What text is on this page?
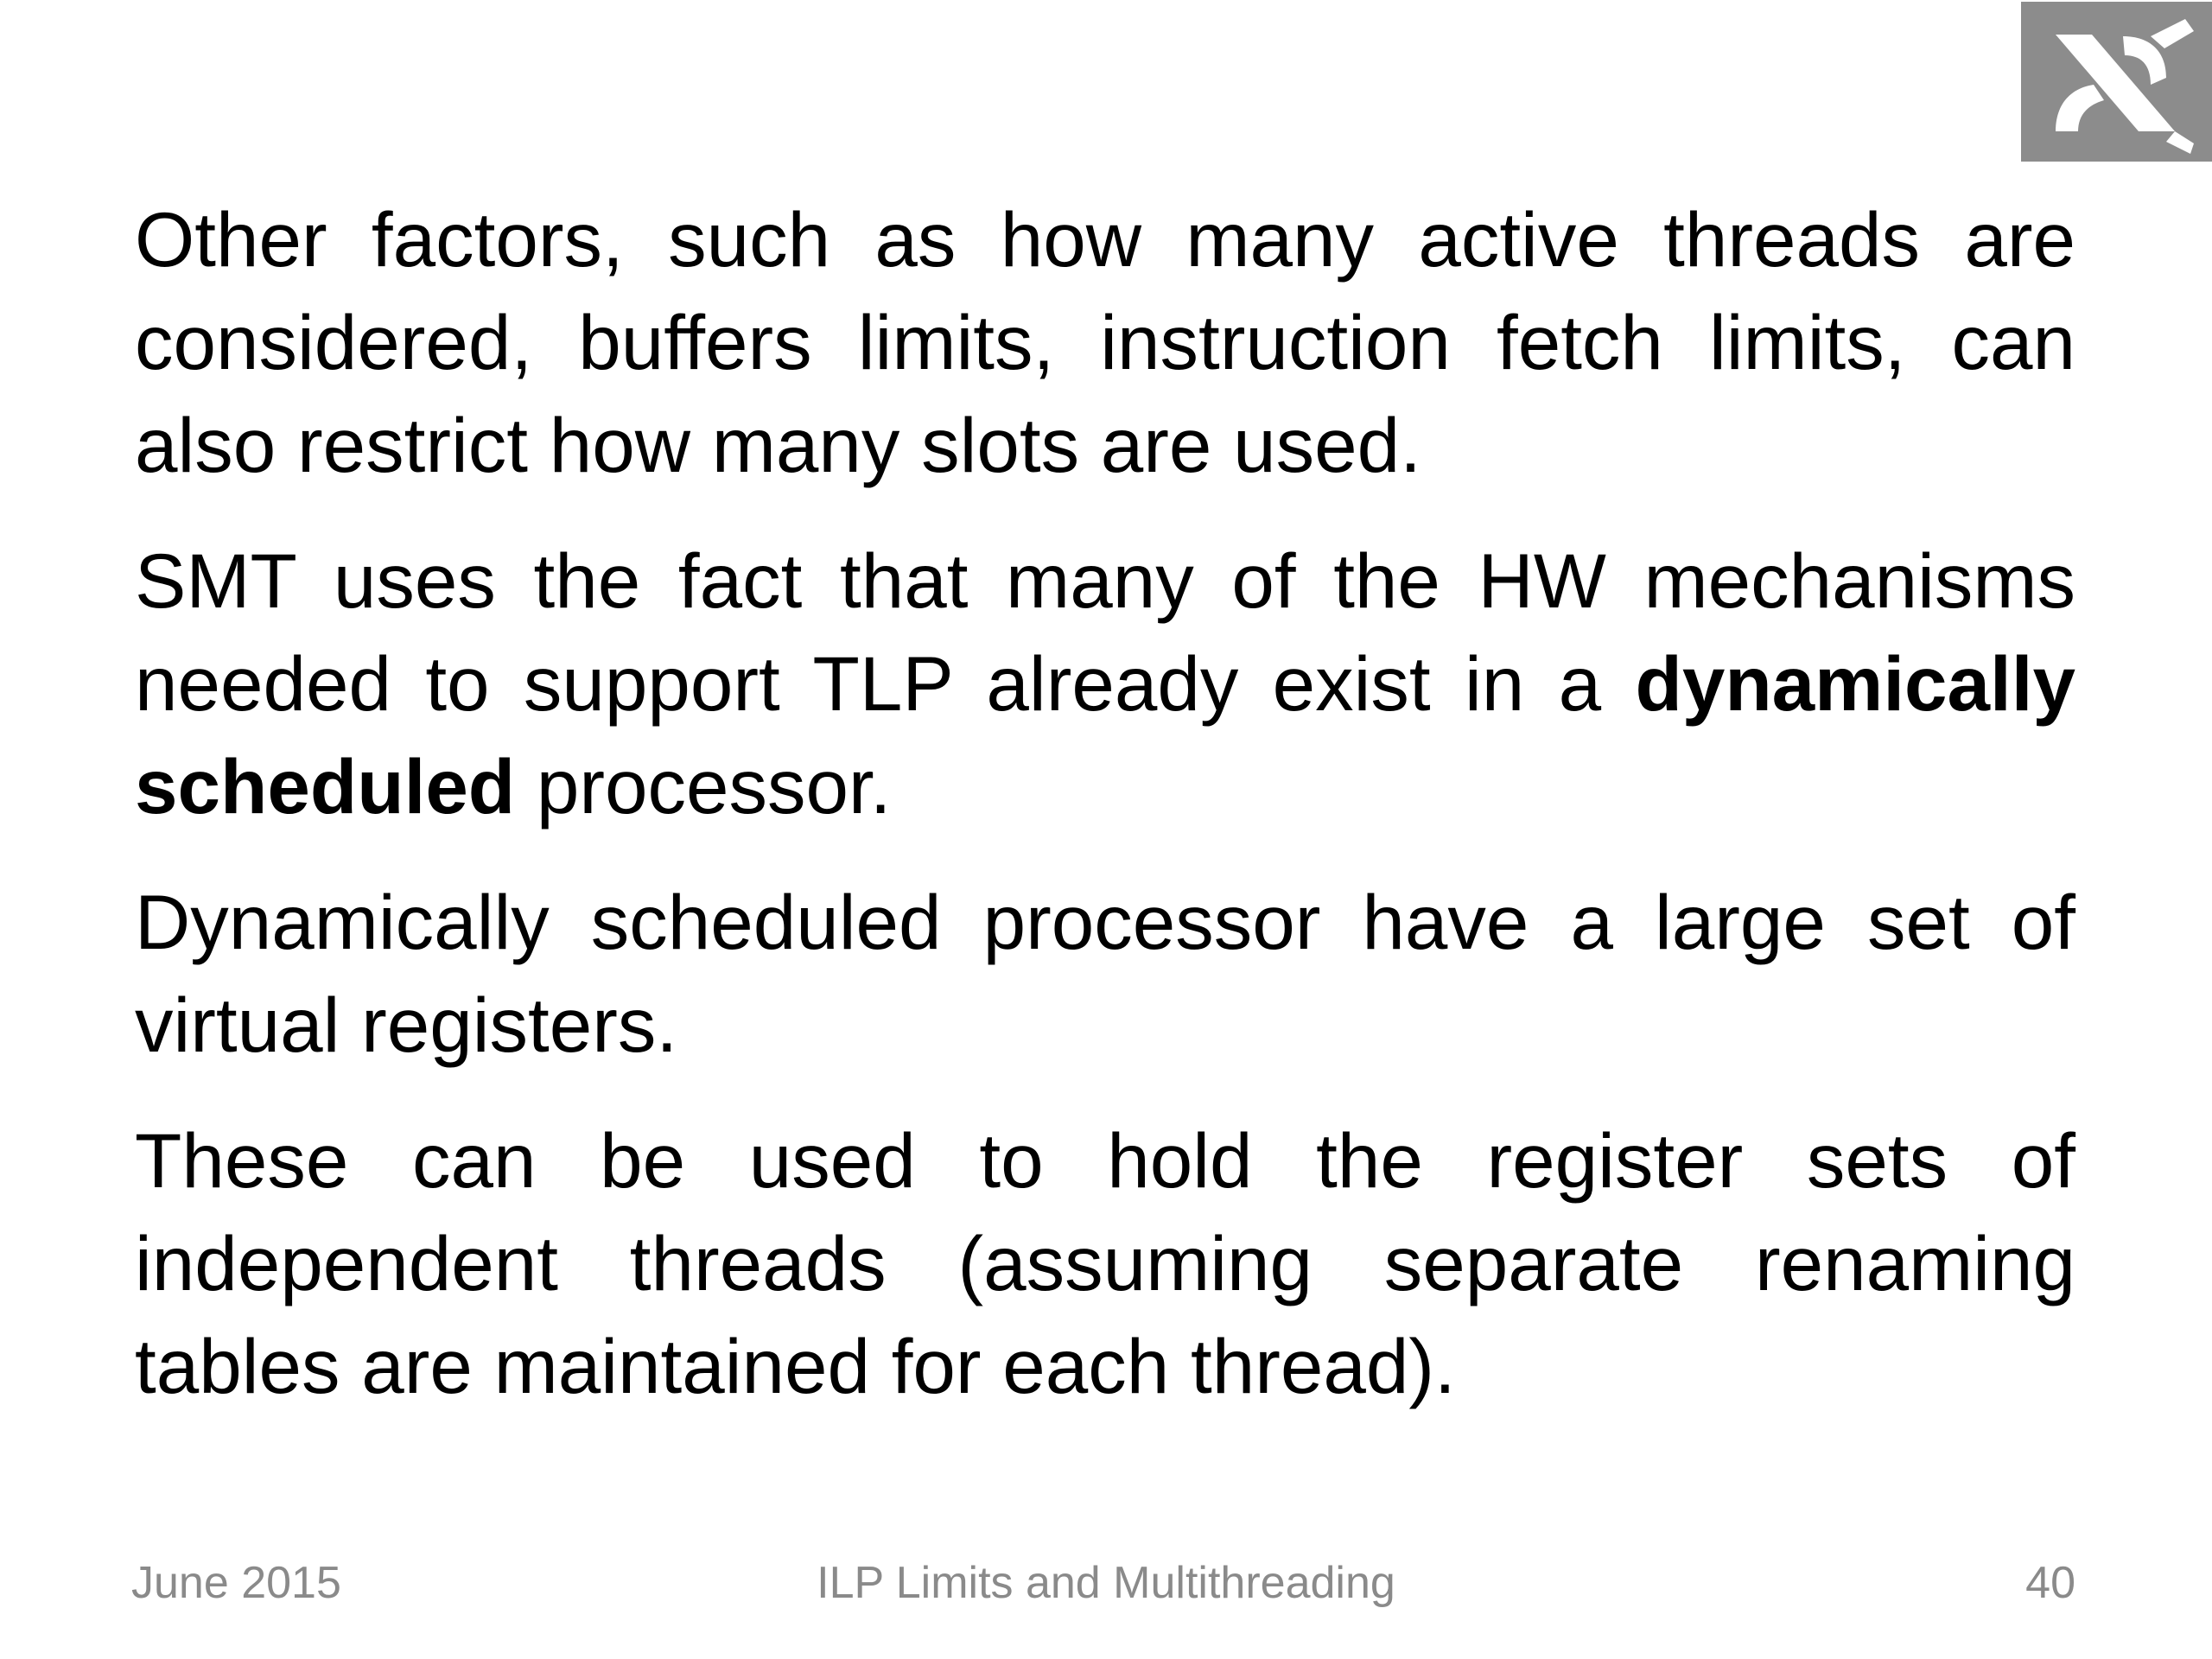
Other factors, such as how many active threads are considered, buffers limits, instruction fetch limits, can also restrict how many slots are used.

SMT uses the fact that many of the HW mechanisms needed to support TLP already exist in a dynamically scheduled processor.

Dynamically scheduled processor have a large set of virtual registers.

These can be used to hold the register sets of independent threads (assuming separate renaming tables are maintained for each thread).

ILP Limits and Multithreading
June 2015	40
